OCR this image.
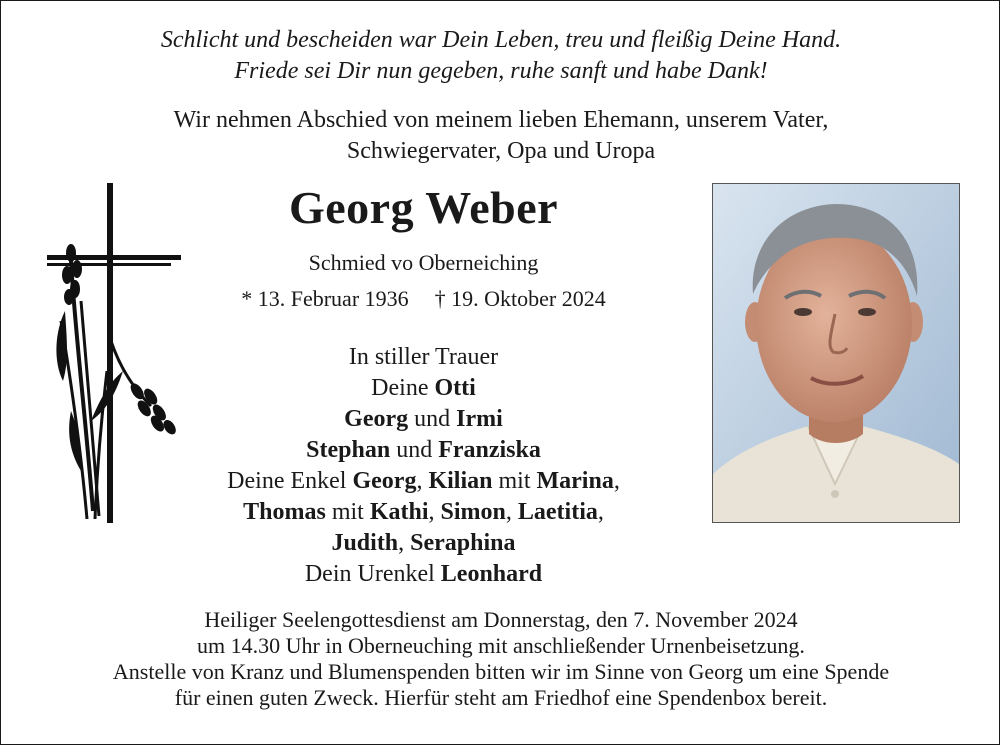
Schlicht und bescheiden war Dein Leben, treu und fleißig Deine Hand.

Friede sei Dir nun gegeben, ruhe sanft und habe Dank!

Wir nehmen Abschied von meinem lieben Ehemann, unserem Vater,

Schwiegervater, Opa und Uropa

Georg Weber
Schmied vo Oberneiching
* 13. Februar 1936 † 19. Oktober 2024

In stiller Trauer

Deine Otti

Georg und Irmi

Stephan und Franziska

Deine Enkel Georg, Kilian mit Marina,

Thomas mit Kathi, Simon, Laetitia,

Judith, Seraphina

Dein Urenkel Leonhard

Heiliger Seelengottesdienst am Donnerstag, den 7. November 2024

um 14.30 Uhr in Oberneuching mit anschließender Urnenbeisetzung.

Anstelle von Kranz und Blumenspenden bitten wir im Sinne von Georg um eine Spende

für einen guten Zweck. Hierfür steht am Friedhof eine Spendenbox bereit.
